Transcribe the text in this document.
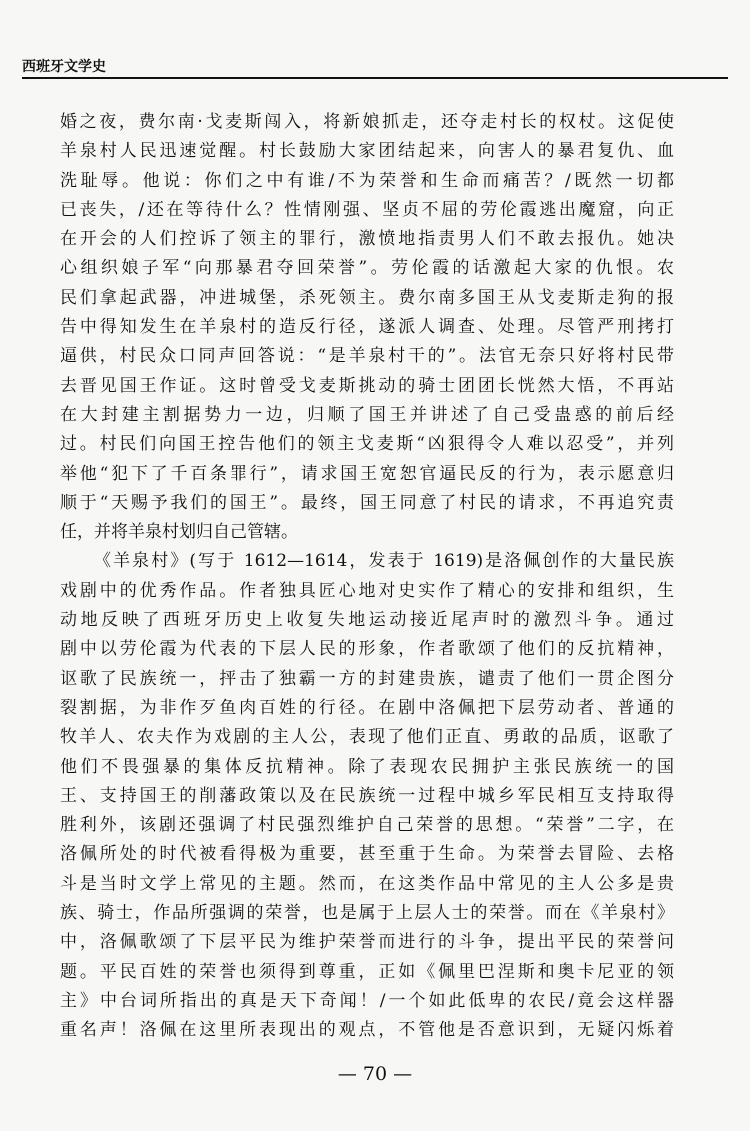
西班牙文学史
婚之夜，费尔南·戈麦斯闯入，将新娘抓走，还夺走村长的权杖。这促使
羊泉村人民迅速觉醒。村长鼓励大家团结起来，向害人的暴君复仇、血
洗耻辱。他说：你们之中有谁/不为荣誉和生命而痛苦？/既然一切都
已丧失，/还在等待什么？性情刚强、坚贞不屈的劳伦霞逃出魔窟，向正
在开会的人们控诉了领主的罪行，激愤地指责男人们不敢去报仇。她决
心组织娘子军“向那暴君夺回荣誉”。劳伦霞的话激起大家的仇恨。农
民们拿起武器，冲进城堡，杀死领主。费尔南多国王从戈麦斯走狗的报
告中得知发生在羊泉村的造反行径，遂派人调查、处理。尽管严刑拷打
逼供，村民众口同声回答说：“是羊泉村干的”。法官无奈只好将村民带
去晋见国王作证。这时曾受戈麦斯挑动的骑士团团长恍然大悟，不再站
在大封建主割据势力一边，归顺了国王并讲述了自己受蛊惑的前后经
过。村民们向国王控告他们的领主戈麦斯“凶狠得令人难以忍受”，并列
举他“犯下了千百条罪行”，请求国王宽恕官逼民反的行为，表示愿意归
顺于“天赐予我们的国王”。最终，国王同意了村民的请求，不再追究责
任，并将羊泉村划归自己管辖。
《羊泉村》(写于 1612—1614，发表于 1619)是洛佩创作的大量民族
戏剧中的优秀作品。作者独具匠心地对史实作了精心的安排和组织，生
动地反映了西班牙历史上收复失地运动接近尾声时的激烈斗争。通过
剧中以劳伦霞为代表的下层人民的形象，作者歌颂了他们的反抗精神，
讴歌了民族统一，抨击了独霸一方的封建贵族，谴责了他们一贯企图分
裂割据，为非作歹鱼肉百姓的行径。在剧中洛佩把下层劳动者、普通的
牧羊人、农夫作为戏剧的主人公，表现了他们正直、勇敢的品质，讴歌了
他们不畏强暴的集体反抗精神。除了表现农民拥护主张民族统一的国
王、支持国王的削藩政策以及在民族统一过程中城乡军民相互支持取得
胜利外，该剧还强调了村民强烈维护自己荣誉的思想。“荣誉”二字，在
洛佩所处的时代被看得极为重要，甚至重于生命。为荣誉去冒险、去格
斗是当时文学上常见的主题。然而，在这类作品中常见的主人公多是贵
族、骑士，作品所强调的荣誉，也是属于上层人士的荣誉。而在《羊泉村》
中，洛佩歌颂了下层平民为维护荣誉而进行的斗争，提出平民的荣誉问
题。平民百姓的荣誉也须得到尊重，正如《佩里巴涅斯和奥卡尼亚的领
主》中台词所指出的真是天下奇闻！/一个如此低卑的农民/竟会这样器
重名声！洛佩在这里所表现出的观点，不管他是否意识到，无疑闪烁着
— 70 —
